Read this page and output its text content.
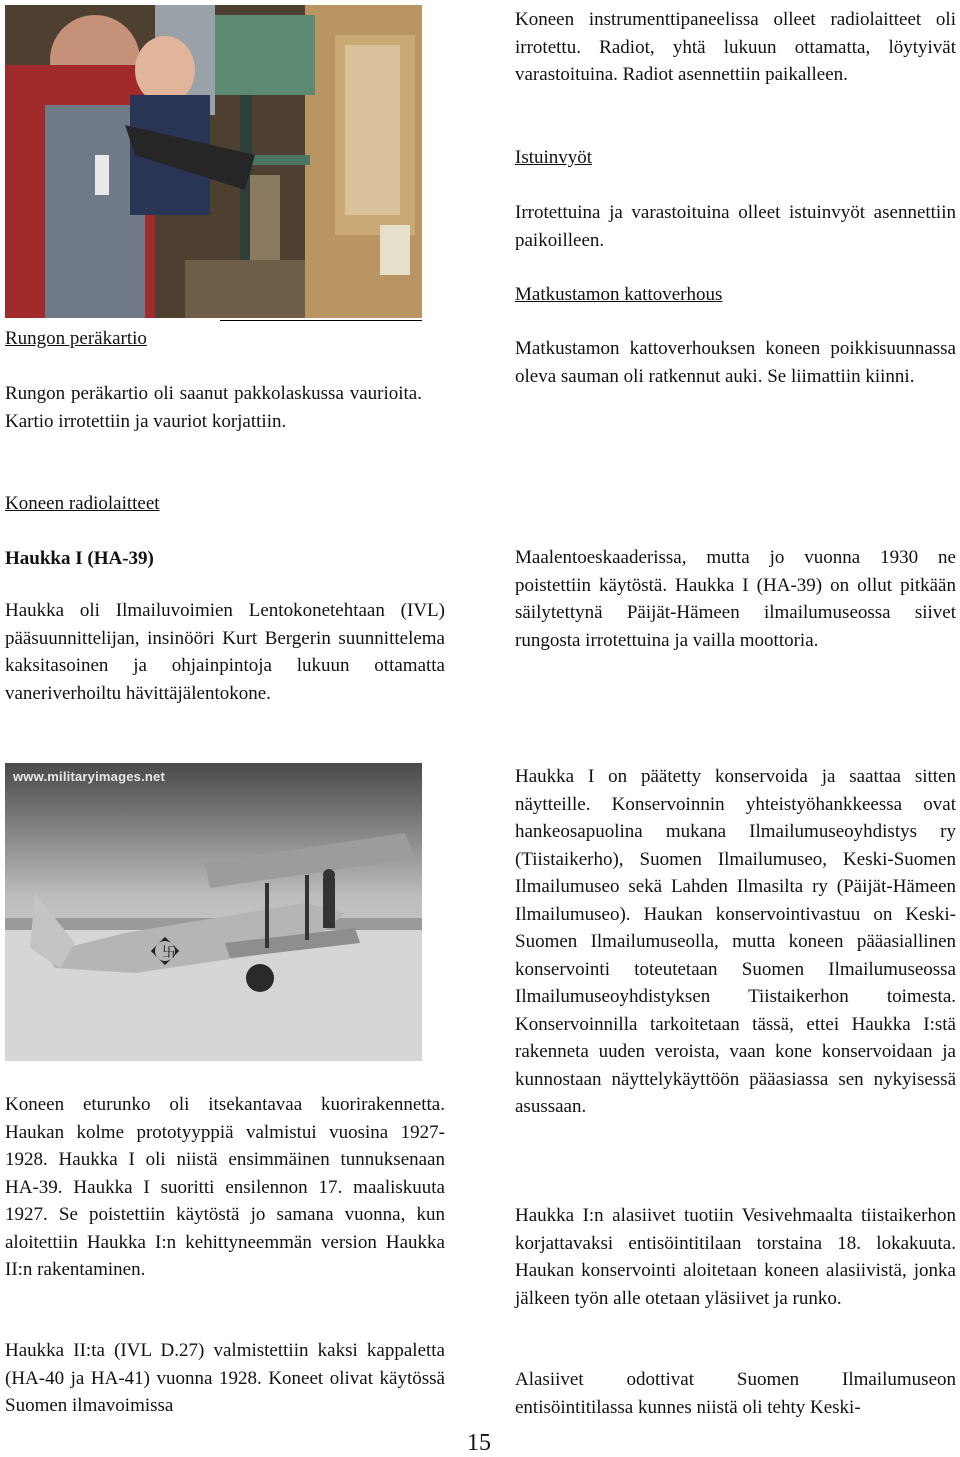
Rungon peräkartio
Rungon peräkartio oli saanut pakkolaskussa vaurioita. Kartio irrotettiin ja vauriot korjattiin.
Koneen radiolaitteet
Haukka I (HA-39)
Haukka oli Ilmailuvoimien Lentokonetehtaan (IVL) pääsuunnittelijan, insinööri Kurt Bergerin suunnittelema kaksitasoinen ja ohjainpintoja lukuun ottamatta vaneriverhoiltu hävittäjälentokone.
卐
www.militaryimages.net
Koneen eturunko oli itsekantavaa kuorirakennetta. Haukan kolme prototyyppiä valmistui vuosina 1927-1928. Haukka I oli niistä ensimmäinen tunnuksenaan HA-39. Haukka I suoritti ensilennon 17. maaliskuuta 1927. Se poistettiin käytöstä jo samana vuonna, kun aloitettiin Haukka I:n kehittyneemmän version Haukka II:n rakentaminen.
Haukka II:ta (IVL D.27) valmistettiin kaksi kappaletta (HA-40 ja HA-41) vuonna 1928. Koneet olivat käytössä Suomen ilmavoimissa
Koneen instrumenttipaneelissa olleet radiolaitteet oli irrotettu. Radiot, yhtä lukuun ottamatta, löytyivät varastoituina. Radiot asennettiin paikalleen.
Istuinvyöt
Irrotettuina ja varastoituina olleet istuinvyöt asennettiin paikoilleen.
Matkustamon kattoverhous
Matkustamon kattoverhouksen koneen poikkisuunnassa oleva sauman oli ratkennut auki. Se liimattiin kiinni.
Maalentoeskaaderissa, mutta jo vuonna 1930 ne poistettiin käytöstä. Haukka I (HA-39) on ollut pitkään säilytettynä Päijät-Hämeen ilmailumuseossa siivet rungosta irrotettuina ja vailla moottoria.
Haukka I on päätetty konservoida ja saattaa sitten näytteille. Konservoinnin yhteistyöhankkeessa ovat hankeosapuolina mukana Ilmailumuseoyhdistys ry (Tiistaikerho), Suomen Ilmailumuseo, Keski-Suomen Ilmailumuseo sekä Lahden Ilmasilta ry (Päijät-Hämeen Ilmailumuseo). Haukan konservointivastuu on Keski-Suomen Ilmailumuseolla, mutta koneen pääasiallinen konservointi toteutetaan Suomen Ilmailumuseossa Ilmailumuseoyhdistyksen Tiistaikerhon toimesta. Konservoinnilla tarkoitetaan tässä, ettei Haukka I:stä rakenneta uuden veroista, vaan kone konservoidaan ja kunnostaan näyttelykäyttöön pääasiassa sen nykyisessä asussaan.
Haukka I:n alasiivet tuotiin Vesivehmaalta tiistaikerhon korjattavaksi entisöintitilaan torstaina 18. lokakuuta. Haukan konservointi aloitetaan koneen alasiivistä, jonka jälkeen työn alle otetaan yläsiivet ja runko.
Alasiivet odottivat Suomen Ilmailumuseon entisöintitilassa kunnes niistä oli tehty Keski-
15
